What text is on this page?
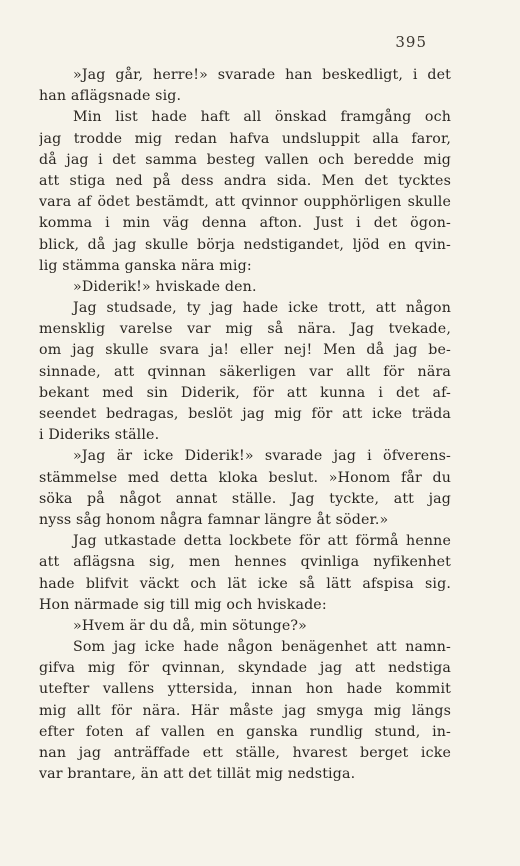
395
»Jag går, herre!» svarade han beskedligt, i det
han aflägsnade sig.
Min list hade haft all önskad framgång och
jag trodde mig redan hafva undsluppit alla faror,
då jag i det samma besteg vallen och beredde mig
att stiga ned på dess andra sida. Men det tycktes
vara af ödet bestämdt, att qvinnor oupphörligen skulle
komma i min väg denna afton. Just i det ögon-
blick, då jag skulle börja nedstigandet, ljöd en qvin-
lig stämma ganska nära mig:
»Diderik!» hviskade den.
Jag studsade, ty jag hade icke trott, att någon
mensklig varelse var mig så nära. Jag tvekade,
om jag skulle svara ja! eller nej! Men då jag be-
sinnade, att qvinnan säkerligen var allt för nära
bekant med sin Diderik, för att kunna i det af-
seendet bedragas, beslöt jag mig för att icke träda
i Dideriks ställe.
»Jag är icke Diderik!» svarade jag i öfverens-
stämmelse med detta kloka beslut. »Honom får du
söka på något annat ställe. Jag tyckte, att jag
nyss såg honom några famnar längre åt söder.»
Jag utkastade detta lockbete för att förmå henne
att aflägsna sig, men hennes qvinliga nyfikenhet
hade blifvit väckt och lät icke så lätt afspisa sig.
Hon närmade sig till mig och hviskade:
»Hvem är du då, min sötunge?»
Som jag icke hade någon benägenhet att namn-
gifva mig för qvinnan, skyndade jag att nedstiga
utefter vallens yttersida, innan hon hade kommit
mig allt för nära. Här måste jag smyga mig längs
efter foten af vallen en ganska rundlig stund, in-
nan jag anträffade ett ställe, hvarest berget icke
var brantare, än att det tillät mig nedstiga.
